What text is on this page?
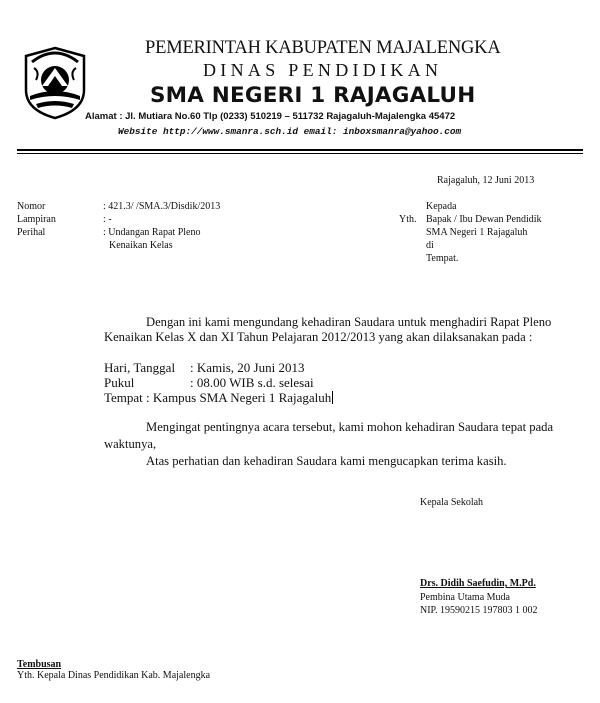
PEMERINTAH KABUPATEN MAJALENGKA
DINAS PENDIDIKAN
SMA NEGERI 1 RAJAGALUH
Alamat : Jl. Mutiara No.60 Tlp (0233) 510219 – 511732 Rajagaluh-Majalengka 45472
Website http://www.smanra.sch.id email: inboxsmanra@yahoo.com
Rajagaluh, 12 Juni 2013
Nomor	: 421.3/ /SMA.3/Disdik/2013
Lampiran	: -
Perihal	: Undangan Rapat Pleno
Kenaikan Kelas
Yth.
Kepada
Bapak / Ibu Dewan Pendidik
SMA Negeri 1 Rajagaluh
di
Tempat.
Dengan ini kami mengundang kehadiran Saudara untuk menghadiri Rapat Pleno
Kenaikan Kelas X dan XI Tahun Pelajaran 2012/2013 yang akan dilaksanakan pada :
Hari, Tanggal : Kamis, 20 Juni 2013
Pukul	: 08.00 WIB s.d. selesai
Tempat : Kampus SMA Negeri 1 Rajagaluh
Mengingat pentingnya acara tersebut, kami mohon kehadiran Saudara tepat pada
waktunya,
Atas perhatian dan kehadiran Saudara kami mengucapkan terima kasih.
Kepala Sekolah
Drs. Didih Saefudin, M.Pd.
Pembina Utama Muda
NIP. 19590215 197803 1 002
Tembusan
Yth. Kepala Dinas Pendidikan Kab. Majalengka
